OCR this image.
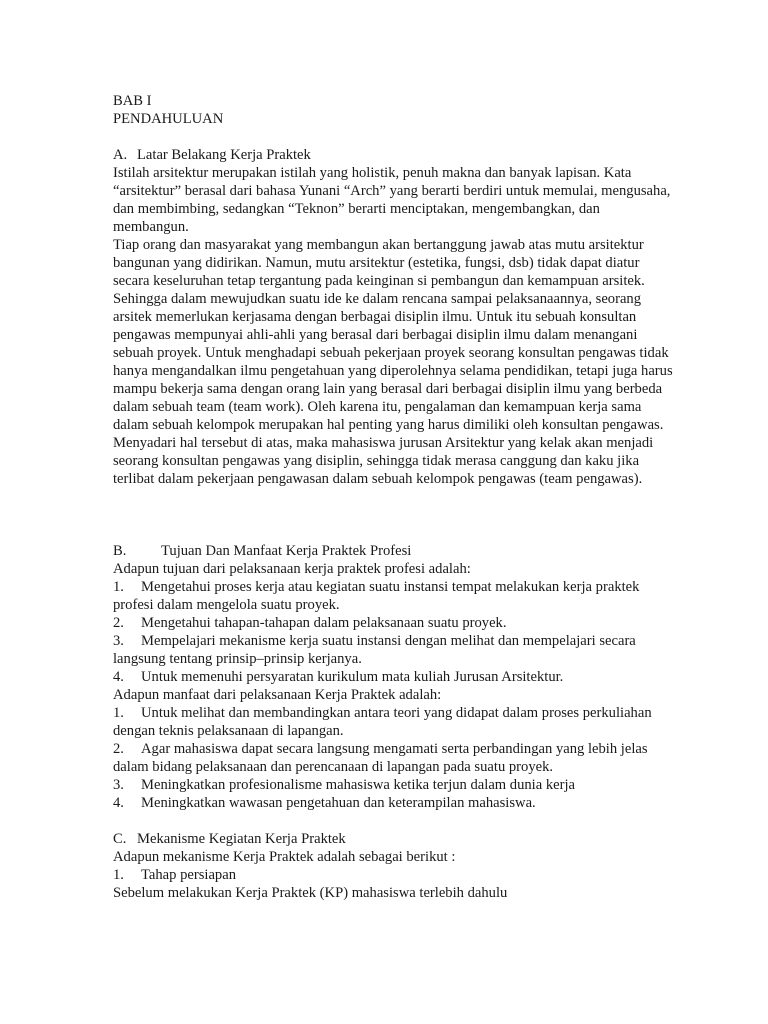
BAB I

PENDAHULUAN

A. Latar Belakang Kerja Praktek

Istilah arsitektur merupakan istilah yang holistik, penuh makna dan banyak lapisan. Kata “arsitektur” berasal dari bahasa Yunani “Arch” yang berarti berdiri untuk memulai, mengusaha, dan membimbing, sedangkan “Teknon” berarti menciptakan, mengembangkan, dan membangun.

Tiap orang dan masyarakat yang membangun akan bertanggung jawab atas mutu arsitektur bangunan yang didirikan. Namun, mutu arsitektur (estetika, fungsi, dsb) tidak dapat diatur secara keseluruhan tetap tergantung pada keinginan si pembangun dan kemampuan arsitek. Sehingga dalam mewujudkan suatu ide ke dalam rencana sampai pelaksanaannya, seorang arsitek memerlukan kerjasama dengan berbagai disiplin ilmu. Untuk itu sebuah konsultan pengawas mempunyai ahli-ahli yang berasal dari berbagai disiplin ilmu dalam menangani sebuah proyek. Untuk menghadapi sebuah pekerjaan proyek seorang konsultan pengawas tidak hanya mengandalkan ilmu pengetahuan yang diperolehnya selama pendidikan, tetapi juga harus mampu bekerja sama dengan orang lain yang berasal dari berbagai disiplin ilmu yang berbeda dalam sebuah team (team work). Oleh karena itu, pengalaman dan kemampuan kerja sama dalam sebuah kelompok merupakan hal penting yang harus dimiliki oleh konsultan pengawas. Menyadari hal tersebut di atas, maka mahasiswa jurusan Arsitektur yang kelak akan menjadi seorang konsultan pengawas yang disiplin, sehingga tidak merasa canggung dan kaku jika terlibat dalam pekerjaan pengawasan dalam sebuah kelompok pengawas (team pengawas).

B. Tujuan Dan Manfaat Kerja Praktek Profesi

Adapun tujuan dari pelaksanaan kerja praktek profesi adalah:

1. Mengetahui proses kerja atau kegiatan suatu instansi tempat melakukan kerja praktek profesi dalam mengelola suatu proyek.

2. Mengetahui tahapan-tahapan dalam pelaksanaan suatu proyek.

3. Mempelajari mekanisme kerja suatu instansi dengan melihat dan mempelajari secara langsung tentang prinsip–prinsip kerjanya.

4. Untuk memenuhi persyaratan kurikulum mata kuliah Jurusan Arsitektur.

Adapun manfaat dari pelaksanaan Kerja Praktek adalah:

1. Untuk melihat dan membandingkan antara teori yang didapat dalam proses perkuliahan dengan teknis pelaksanaan di lapangan.

2. Agar mahasiswa dapat secara langsung mengamati serta perbandingan yang lebih jelas dalam bidang pelaksanaan dan perencanaan di lapangan pada suatu proyek.

3. Meningkatkan profesionalisme mahasiswa ketika terjun dalam dunia kerja

4. Meningkatkan wawasan pengetahuan dan keterampilan mahasiswa.

C. Mekanisme Kegiatan Kerja Praktek

Adapun mekanisme Kerja Praktek adalah sebagai berikut :

1. Tahap persiapan

Sebelum melakukan Kerja Praktek (KP) mahasiswa terlebih dahulu
